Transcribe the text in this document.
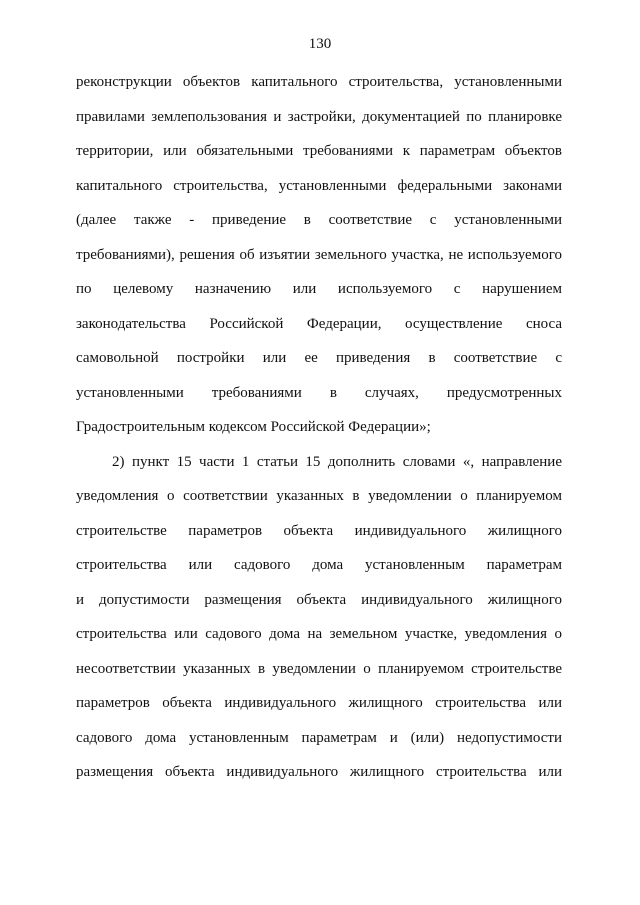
130
реконструкции объектов капитального строительства, установленными
правилами землепользования и застройки, документацией по планировке
территории, или обязательными требованиями к параметрам объектов
капитального строительства, установленными федеральными законами
(далее также - приведение в соответствие с установленными
требованиями), решения об изъятии земельного участка, не используемого
по целевому назначению или используемого с нарушением
законодательства Российской Федерации, осуществление сноса
самовольной постройки или ее приведения в соответствие с
установленными требованиями в случаях, предусмотренных
Градостроительным кодексом Российской Федерации»;
2) пункт 15 части 1 статьи 15 дополнить словами «, направление
уведомления о соответствии указанных в уведомлении о планируемом
строительстве параметров объекта индивидуального жилищного
строительства или садового дома установленным параметрам
и допустимости размещения объекта индивидуального жилищного
строительства или садового дома на земельном участке, уведомления о
несоответствии указанных в уведомлении о планируемом строительстве
параметров объекта индивидуального жилищного строительства или
садового дома установленным параметрам и (или) недопустимости
размещения объекта индивидуального жилищного строительства или
